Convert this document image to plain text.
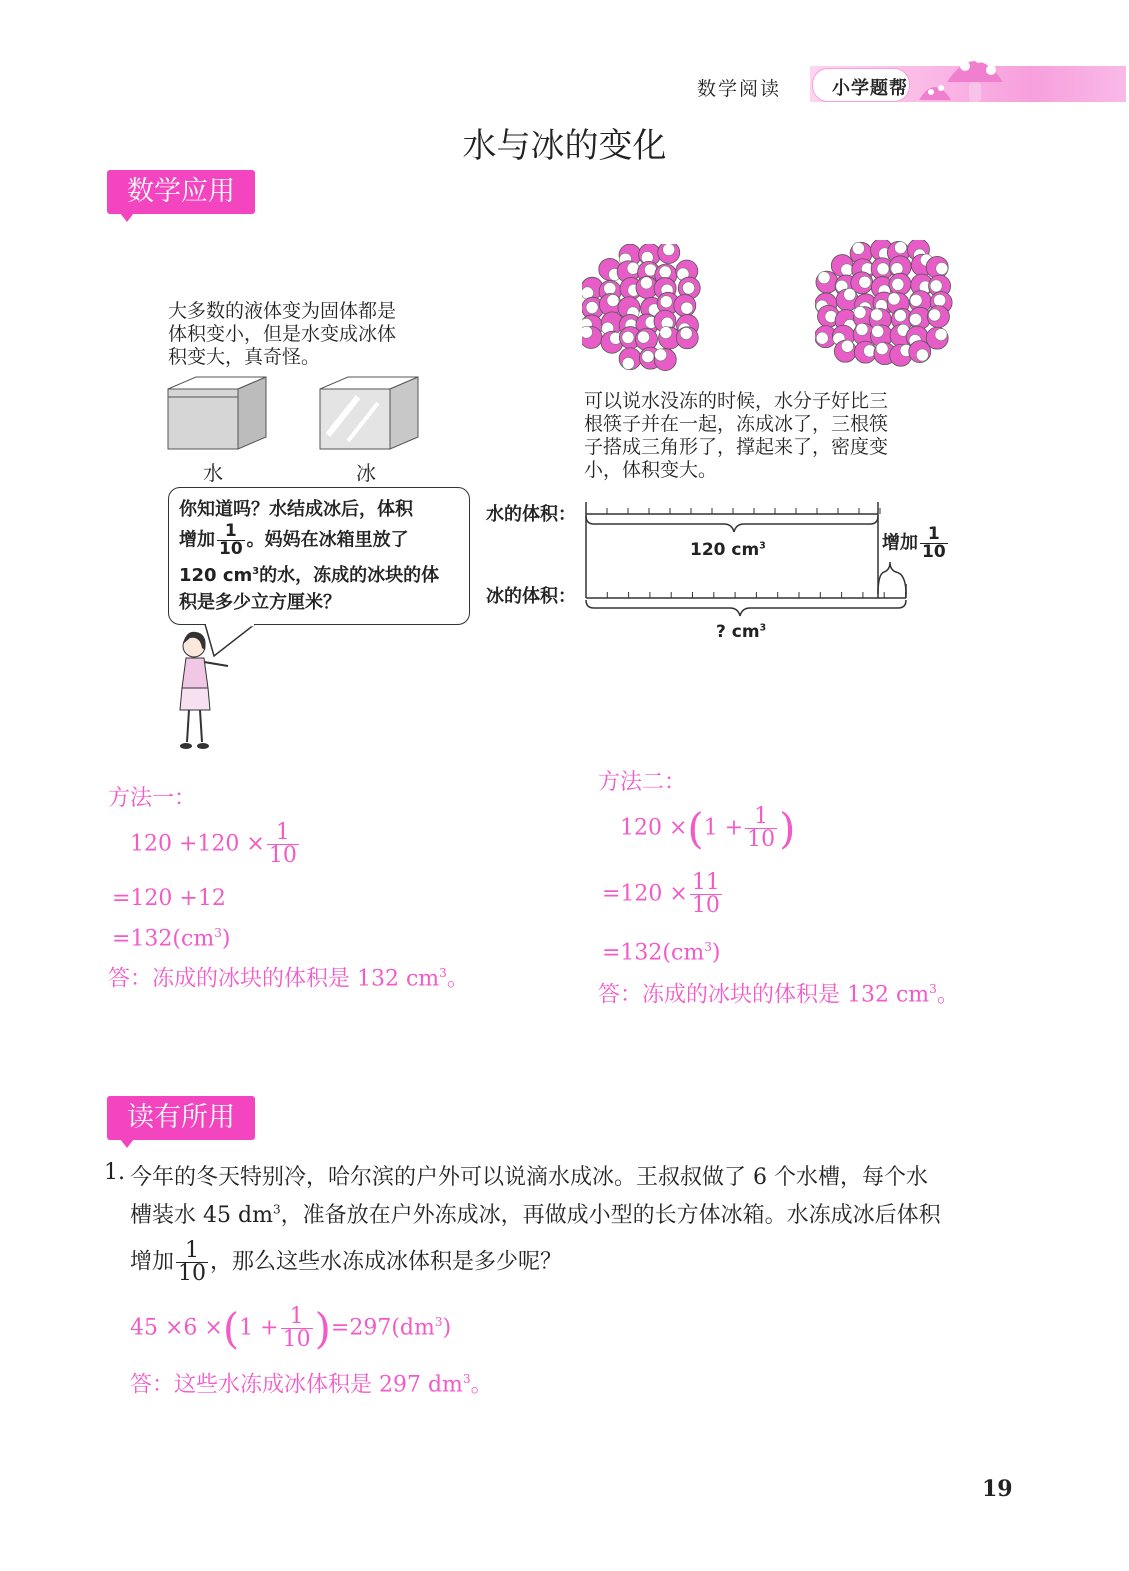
数学阅读	小学题帮
水与冰的变化
数学应用
大多数的液体变为固体都是
体积变小，但是水变成冰体
积变大，真奇怪。
水	冰
可以说水没冻的时候，水分子好比三
根筷子并在一起，冻成冰了，三根筷
子搭成三角形了，撑起来了，密度变
小，体积变大。
你知道吗？水结成冰后，体积
增加 $\frac{1}{10}$ 。妈妈在冰箱里放了
120 $cm^3$的水，冻成的冰块的体
积是多少立方厘米？
水的体积：
冰的体积：
120 $cm^3$
? $cm^3$
增加 $\frac{1}{10}$
方法一：
$120 +120 \times \frac{1}{10}$
=120 +12
$=132(cm^3)$
答：冻成的冰块的体积是 132 $cm^3$。
方法二：
$120 \times(1 + \frac{1}{10}$ )
$=120 \times \frac{11}{10}$
$=132(cm^3)$
答：冻成的冰块的体积是 132 $cm^3$。
读有所用
1. 今年的冬天特别冷，哈尔滨的户外可以说滴水成冰。王叔叔做了 6 个水槽，每个水
槽装水 45 $dm^3$，准备放在户外冻成冰，再做成小型的长方体冰箱。水冻成冰后体积
增加 $\frac{1}{10}$ ，那么这些水冻成冰体积是多少呢？
$45 \times 6 \times(1 + \frac{1}{10} )=297(dm^3)$
答：这些水冻成冰体积是 297 $dm^3$。
19
